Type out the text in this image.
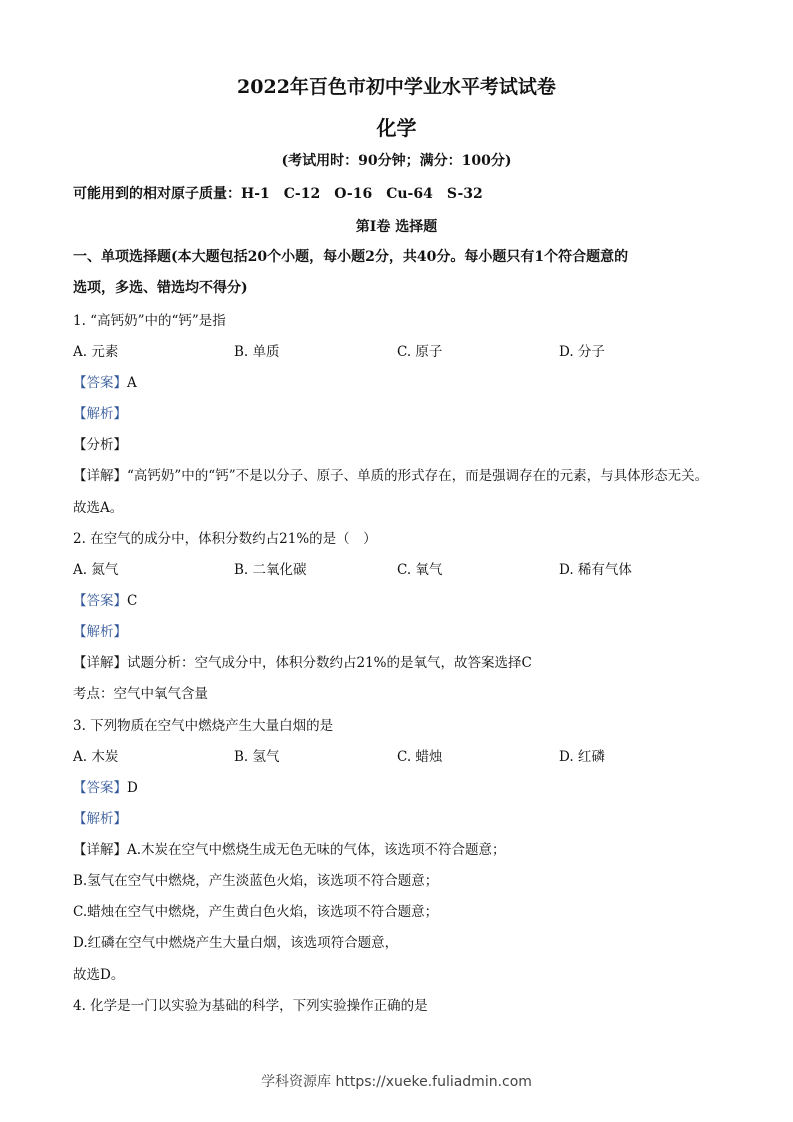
2022年百色市初中学业水平考试试卷
化学
(考试用时：90分钟；满分：100分)
可能用到的相对原子质量：H-1　C-12　O-16　Cu-64　S-32
第Ⅰ卷 选择题
一、单项选择题(本大题包括20个小题，每小题2分，共40分。每小题只有1个符合题意的
选项，多选、错选均不得分)
1. “高钙奶”中的“钙”是指
A. 元素	B. 单质	C. 原子	D. 分子
【答案】A
【解析】
【分析】
【详解】“高钙奶”中的“钙”不是以分子、原子、单质的形式存在，而是强调存在的元素，与具体形态无关。
故选A。
2. 在空气的成分中，体积分数约占21%的是（　）
A. 氮气	B. 二氧化碳	C. 氧气	D. 稀有气体
【答案】C
【解析】
【详解】试题分析：空气成分中，体积分数约占21%的是氧气，故答案选择C
考点：空气中氧气含量
3. 下列物质在空气中燃烧产生大量白烟的是
A. 木炭	B. 氢气	C. 蜡烛	D. 红磷
【答案】D
【解析】
【详解】A.木炭在空气中燃烧生成无色无味的气体，该选项不符合题意；
B.氢气在空气中燃烧，产生淡蓝色火焰，该选项不符合题意；
C.蜡烛在空气中燃烧，产生黄白色火焰，该选项不符合题意；
D.红磷在空气中燃烧产生大量白烟，该选项符合题意，
故选D。
4. 化学是一门以实验为基础的科学，下列实验操作正确的是
学科资源库 https://xueke.fuliadmin.com
